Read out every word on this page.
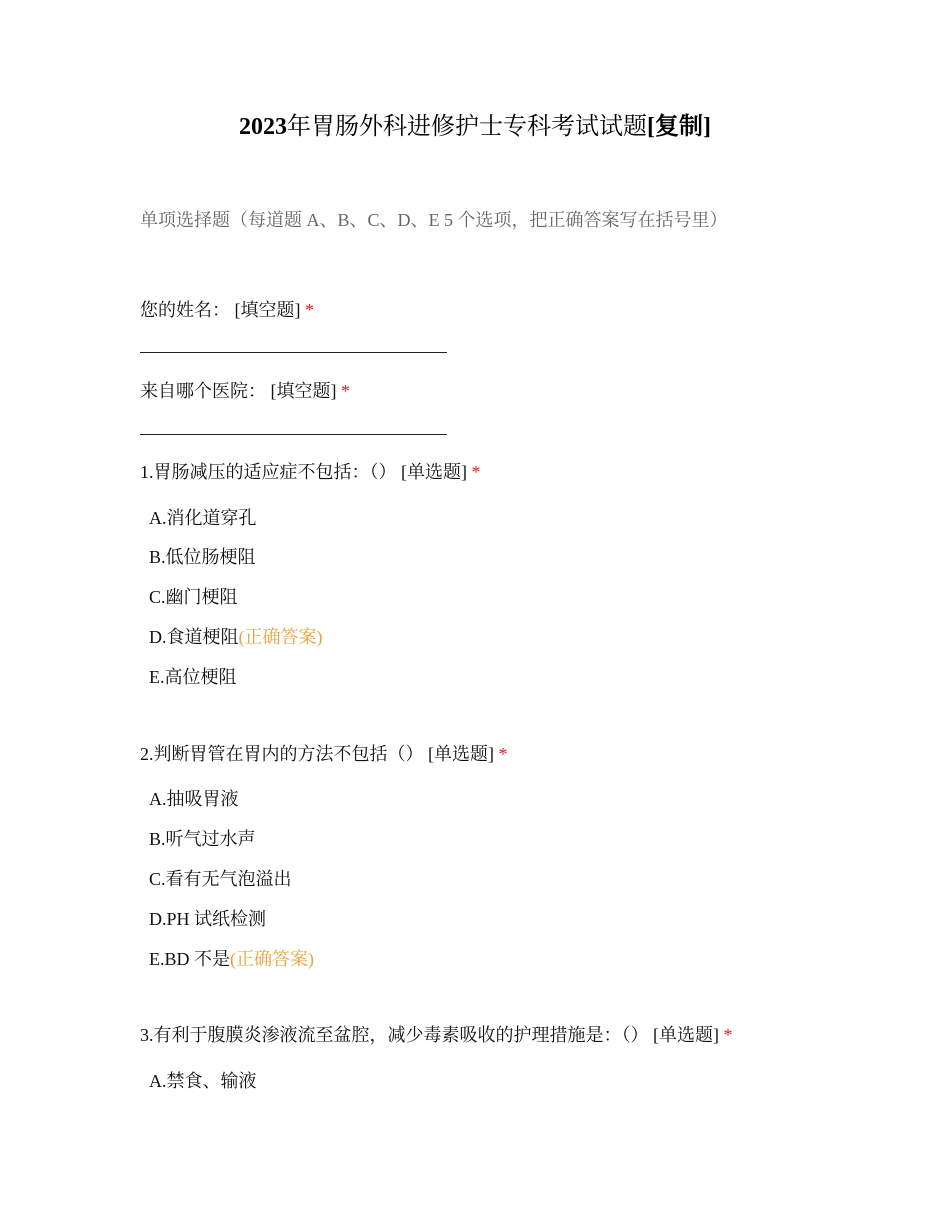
2023年胃肠外科进修护士专科考试试题[复制]
单项选择题（每道题 A、B、C、D、E 5 个选项，把正确答案写在括号里）
您的姓名： [填空题] *
来自哪个医院： [填空题] *
1.胃肠减压的适应症不包括：（） [单选题] *
A.消化道穿孔
B.低位肠梗阻
C.幽门梗阻
D.食道梗阻(正确答案)
E.高位梗阻
2.判断胃管在胃内的方法不包括（） [单选题] *
A.抽吸胃液
B.听气过水声
C.看有无气泡溢出
D.PH 试纸检测
E.BD 不是(正确答案)
3.有利于腹膜炎渗液流至盆腔，减少毒素吸收的护理措施是：（） [单选题] *
A.禁食、输液
